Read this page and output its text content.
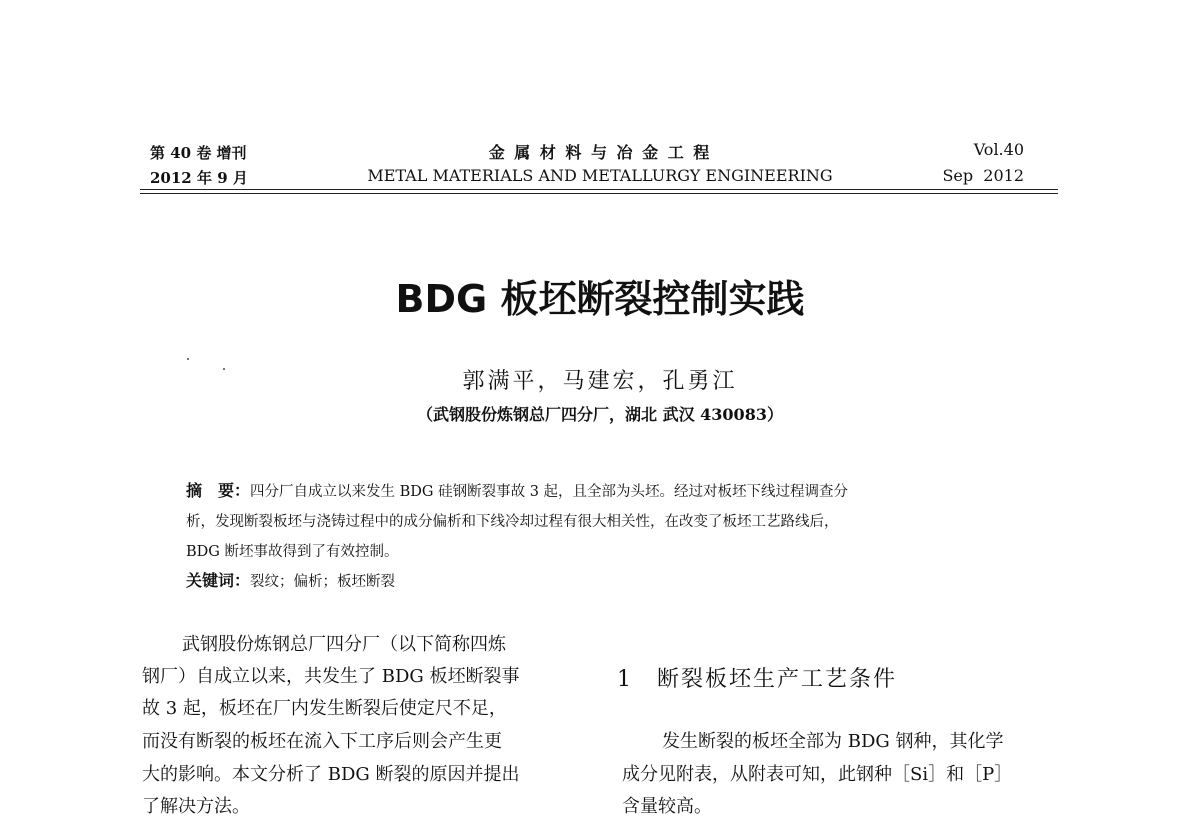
第 40 卷 增刊
2012 年 9 月
金 属 材 料 与 冶 金 工 程
METAL MATERIALS AND METALLURGY ENGINEERING
Vol.40
Sep  2012
BDG 板坯断裂控制实践
郭满平，马建宏，孔勇江
（武钢股份炼钢总厂四分厂，湖北 武汉 430083）
摘　要：四分厂自成立以来发生 BDG 硅钢断裂事故 3 起，且全部为头坯。经过对板坯下线过程调查分
析，发现断裂板坯与浇铸过程中的成分偏析和下线冷却过程有很大相关性，在改变了板坯工艺路线后，
BDG 断坯事故得到了有效控制。
关键词：裂纹；偏析；板坯断裂
武钢股份炼钢总厂四分厂（以下简称四炼
钢厂）自成立以来，共发生了 BDG 板坯断裂事
故 3 起，板坯在厂内发生断裂后使定尺不足，
而没有断裂的板坯在流入下工序后则会产生更
大的影响。本文分析了 BDG 断裂的原因并提出
了解决方法。
1 断裂板坯生产工艺条件
发生断裂的板坯全部为 BDG 钢种，其化学
成分见附表，从附表可知，此钢种［Si］和［P］
含量较高。
